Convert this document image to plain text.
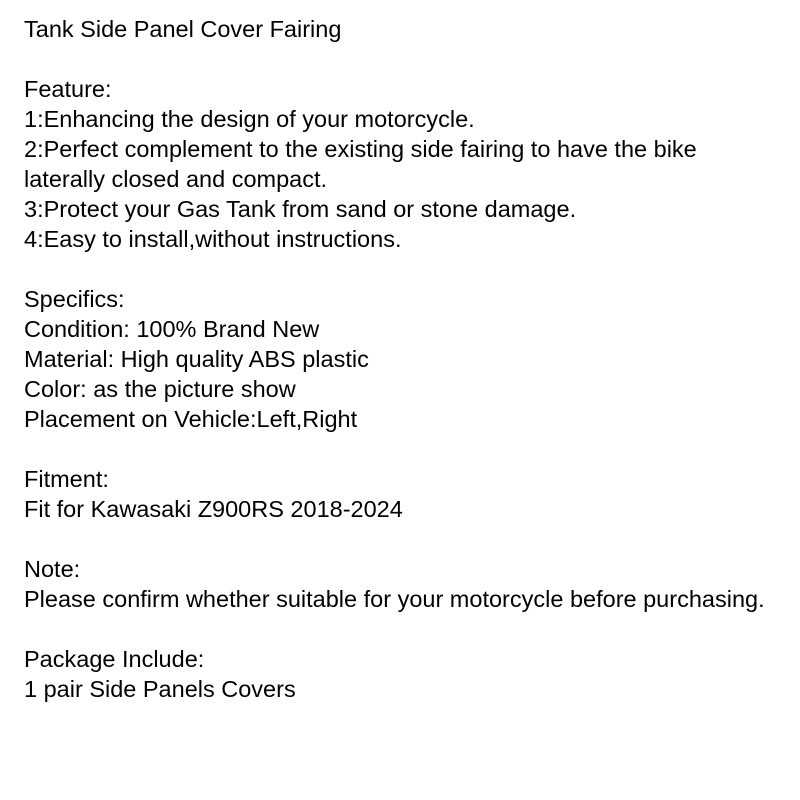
Tank Side Panel Cover Fairing
Feature:
1:Enhancing the design of your motorcycle.
2:Perfect complement to the existing side fairing to have the bike laterally closed and compact.
3:Protect your Gas Tank from sand or stone damage.
4:Easy to install,without instructions.
Specifics:
Condition: 100% Brand New
Material: High quality ABS plastic
Color: as the picture show
Placement on Vehicle:Left,Right
Fitment:
Fit for Kawasaki Z900RS 2018-2024
Note:
Please confirm whether suitable for your motorcycle before purchasing.
Package Include:
1 pair Side Panels Covers
